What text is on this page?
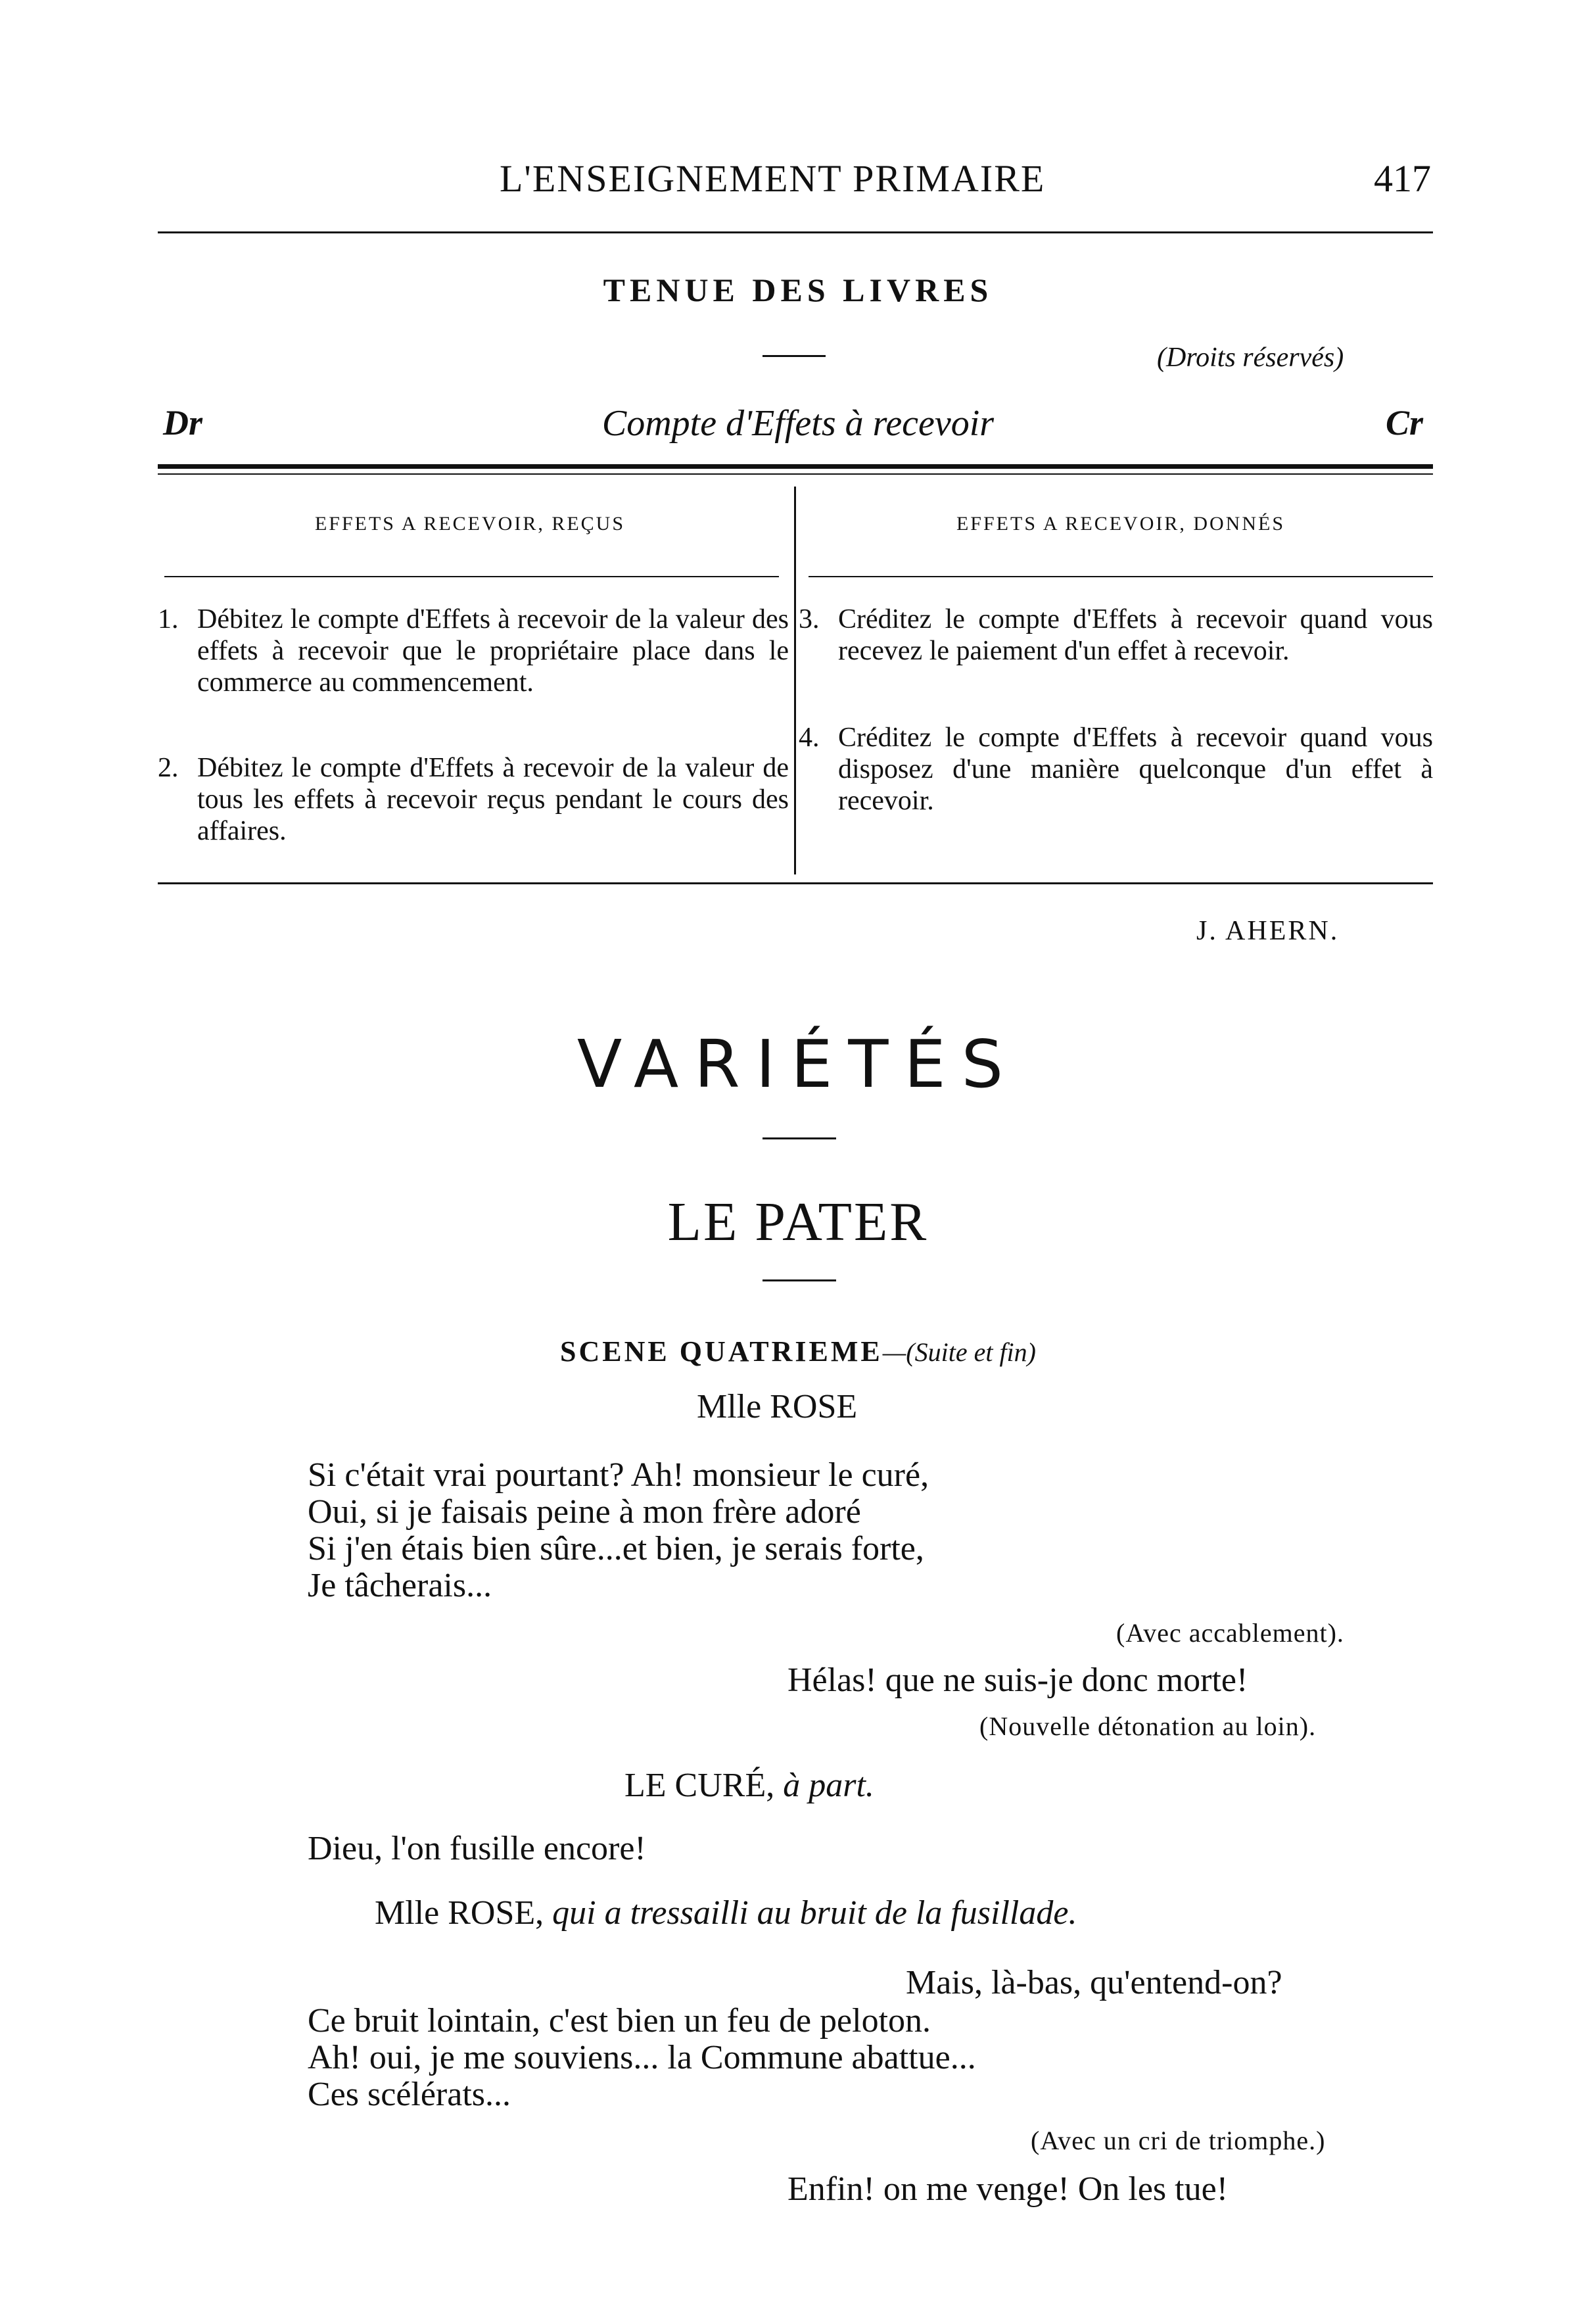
L'ENSEIGNEMENT PRIMAIRE	417
TENUE DES LIVRES
(Droits réservés)
Dr	Compte d'Effets à recevoir	Cr
EFFETS A RECEVOIR, REÇUS	EFFETS A RECEVOIR, DONNÉS
1. Débitez le compte d'Effets à recevoir de la valeur des effets à recevoir que le propriétaire place dans le commerce au commencement.
2. Débitez le compte d'Effets à recevoir de la valeur de tous les effets à recevoir reçus pendant le cours des affaires.
3. Créditez le compte d'Effets à recevoir quand vous recevez le paiement d'un effet à recevoir.
4. Créditez le compte d'Effets à recevoir quand vous disposez d'une manière quelconque d'un effet à recevoir.
J. AHERN.
VARIÉTÉS
LE PATER
SCENE QUATRIEME—(Suite et fin)
Mlle ROSE
Si c'était vrai pourtant? Ah! monsieur le curé,
Oui, si je faisais peine à mon frère adoré
Si j'en étais bien sûre...et bien, je serais forte,
Je tâcherais...
(Avec accablement).
Hélas! que ne suis-je donc morte!
(Nouvelle détonation au loin).
LE CURÉ, à part.
Dieu, l'on fusille encore!
Mlle ROSE, qui a tressailli au bruit de la fusillade.
Mais, là-bas, qu'entend-on?
Ce bruit lointain, c'est bien un feu de peloton.
Ah! oui, je me souviens... la Commune abattue...
Ces scélérats...
(Avec un cri de triomphe.)
Enfin! on me venge! On les tue!
